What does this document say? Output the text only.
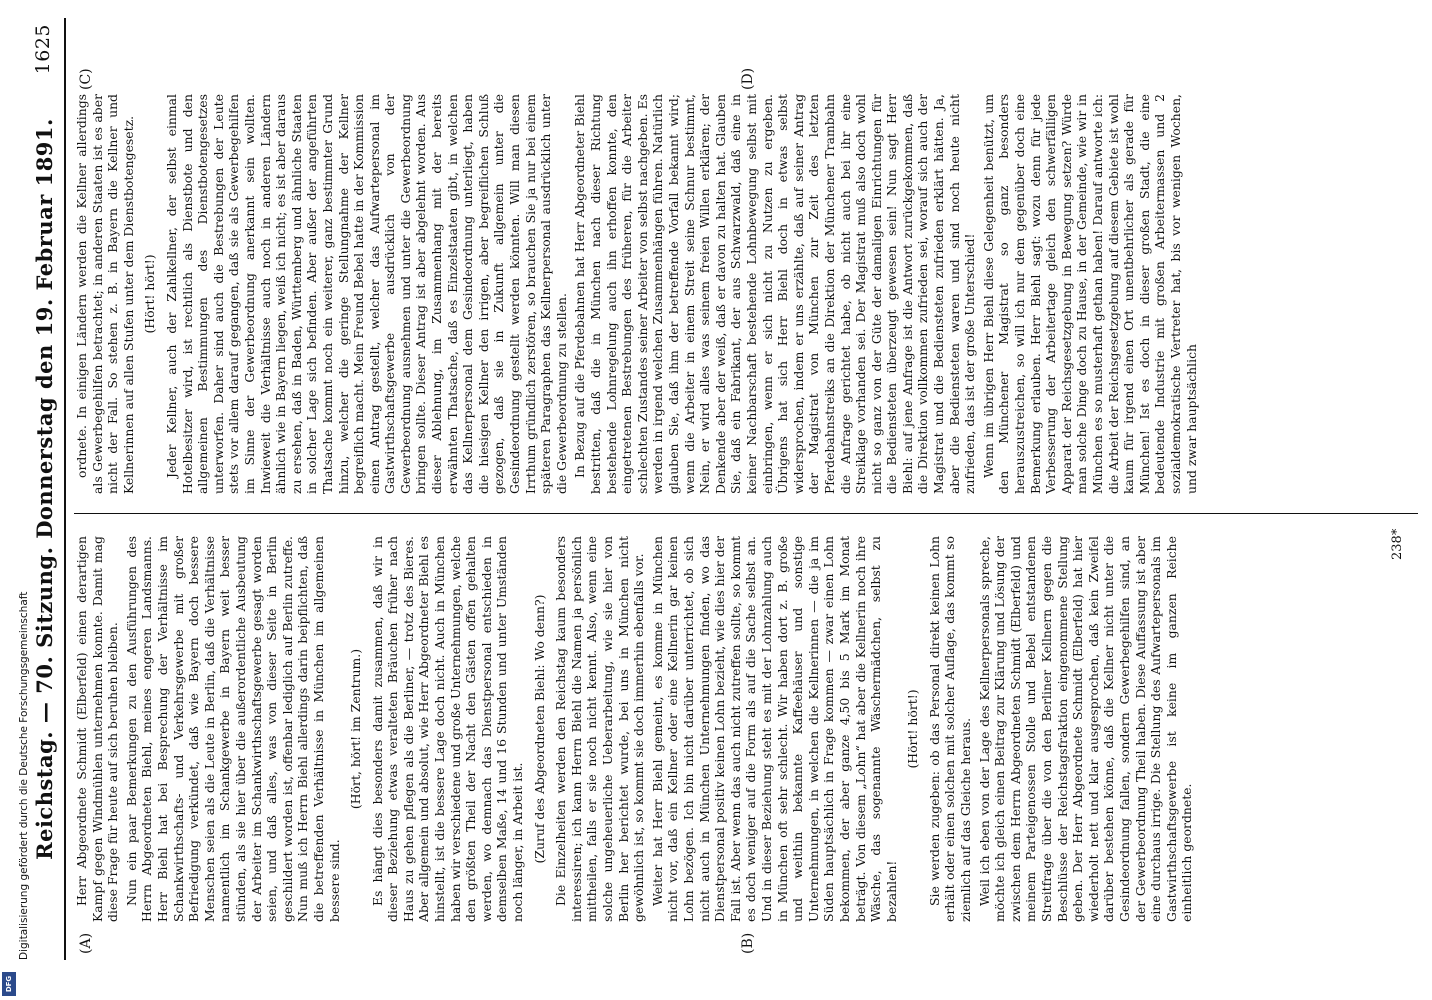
Reichstag. — 70. Sitzung. Donnerstag den 19. Februar 1891.
1625
(A)	(B)
(C)	(D)

Herr Abgeordnete Schmidt (Elberfeld) einen derartigen Kampf gegen Windmühlen unternehmen konnte. Damit mag diese Frage für heute auf sich beruhen bleiben. Nun ein paar Bemerkungen zu den Ausführungen des Herrn Abgeordneten Biehl, meines engeren Landsmanns. Herr Biehl hat bei Besprechung der Verhältnisse im Schankwirthschafts- und Verkehrsgewerbe mit großer Befriedigung verkündet, daß wie Bayern doch bessere Menschen seien als die Leute in Berlin, daß die Verhältnisse namentlich im Schankgewerbe in Bayern weit besser stünden, als sie hier über die außerordentliche Ausbeutung der Arbeiter im Schankwirthschaftsgewerbe gesagt worden seien, und daß alles, was von dieser Seite in Berlin geschildert worden ist, offenbar lediglich auf Berlin zutreffe. Nun muß ich Herrn Biehl allerdings darin beipflichten, daß die betreffenden Verhältnisse in München im allgemeinen bessere sind.

(Hört, hört! im Zentrum.) Es hängt dies besonders damit zusammen, daß wir in dieser Beziehung etwas veralteten Bräuchen früher nach Haus zu gehen pflegen als die Berliner, — trotz des Bieres. Aber allgemein und absolut, wie Herr Abgeordneter Biehl es hinstellt, ist die bessere Lage doch nicht. Auch in München haben wir verschiedene und große Unternehmungen, welche den größten Theil der Nacht den Gästen offen gehalten werden, wo demnach das Dienstpersonal entschieden in demselben Maße, 14 und 16 Stunden und unter Umständen noch länger, in Arbeit ist. (Zuruf des Abgeordneten Biehl: Wo denn?) Die Einzelheiten werden den Reichstag kaum besonders interessiren; ich kann Herrn Biehl die Namen ja persönlich mittheilen, falls er sie noch nicht kennt. Also, wenn eine solche ungeheuerliche Ueberarbeitung, wie sie hier von Berlin her berichtet wurde, bei uns in München nicht gewöhnlich ist, so kommt sie doch immerhin ebenfalls vor. Weiter hat Herr Biehl gemeint, es komme in München nicht vor, daß ein Kellner oder eine Kellnerin gar keinen Lohn bezögen. Ich bin nicht darüber unterrichtet, ob sich nicht auch in München Unternehmungen finden, wo das Dienstpersonal positiv keinen Lohn bezieht, wie dies hier der Fall ist. Aber wenn das auch nicht zutreffen sollte, so kommt es doch weniger auf die Form als auf die Sache selbst an. Und in dieser Beziehung steht es mit der Lohnzahlung auch in München oft sehr schlecht. Wir haben dort z. B. große und weithin bekannte Kaffeehäuser und sonstige Unternehmungen, in welchen die Kellnerinnen — die ja im Süden hauptsächlich in Frage kommen — zwar einen Lohn bekommen, der aber ganze 4,50 bis 5 Mark im Monat beträgt. Von diesem „Lohn“ hat aber die Kellnerin noch ihre Wäsche, das sogenannte Wäschermädchen, selbst zu bezahlen!

(Hört! hört!) Sie werden zugeben: ob das Personal direkt keinen Lohn erhält oder einen solchen mit solcher Auflage, das kommt so ziemlich auf das Gleiche heraus. Weil ich eben von der Lage des Kellnerpersonals spreche, möchte ich gleich einen Beitrag zur Klärung und Lösung der zwischen dem Herrn Abgeordneten Schmidt (Elberfeld) und meinem Parteigenossen Stolle und Bebel entstandenen Streitfrage über die von den Berliner Kellnern gegen die Beschlüsse der Reichstagsfraktion eingenommene Stellung geben. Der Herr Abgeordnete Schmidt (Elberfeld) hat hier wiederholt nett und klar ausgesprochen, daß kein Zweifel darüber bestehen könne, daß die Kellner nicht unter die Gesindeordnung fallen, sondern Gewerbegehilfen sind, an der Gewerbeordnung Theil haben. Diese Auffassung ist aber eine durchaus irrige. Die Stellung des Aufwartepersonals im Gastwirthschaftsgewerbe ist keine im ganzen Reiche einheitlich geordnete.

ordnete. In einigen Ländern werden die Kellner allerdings als Gewerbegehilfen betrachtet; in anderen Staaten ist es aber nicht der Fall. So stehen z. B. in Bayern die Kellner und Kellnerinnen auf allen Stufen unter dem Dienstbotengesetz. (Hört! hört!) Jeder Kellner, auch der Zahlkellner, der selbst einmal Hotelbesitzer wird, ist rechtlich als Dienstbote und den allgemeinen Bestimmungen des Dienstbotengesetzes unterworfen. Daher sind auch die Bestrebungen der Leute stets vor allem darauf gegangen, daß sie als Gewerbegehilfen im Sinne der Gewerbeordnung anerkannt sein wollten. Inwieweit die Verhältnisse auch noch in anderen Ländern ähnlich wie in Bayern liegen, weiß ich nicht; es ist aber daraus zu ersehen, daß in Baden, Württemberg und ähnliche Staaten in solcher Lage sich befinden. Aber außer der angeführten Thatsache kommt noch ein weiterer, ganz bestimmter Grund hinzu, welcher die geringe Stellungnahme der Kellner begreiflich macht. Mein Freund Bebel hatte in der Kommission einen Antrag gestellt, welcher das Aufwartepersonal im Gastwirthschaftsgewerbe ausdrücklich von der Gewerbeordnung ausnehmen und unter die Gewerbeordnung bringen sollte. Dieser Antrag ist aber abgelehnt worden. Aus dieser Ablehnung, im Zusammenhang mit der bereits erwähnten Thatsache, daß es Einzelstaaten gibt, in welchen das Kellnerpersonal dem Gesindeordnung unterliegt, haben die hiesigen Kellner den irrigen, aber begreiflichen Schluß gezogen, daß sie in Zukunft allgemein unter die Gesindeordnung gestellt werden könnten. Will man diesen Irrthum gründlich zerstören, so brauchen Sie ja nur bei einem späteren Paragraphen das Kellnerpersonal ausdrücklich unter die Gewerbeordnung zu stellen. In Bezug auf die Pferdebahnen hat Herr Abgeordneter Biehl bestritten, daß die in München nach dieser Richtung bestehende Lohnregelung auch ihn erhoffen konnte, den eingetretenen Bestrebungen des früheren, für die Arbeiter schlechten Zustandes seiner Arbeiter von selbst nachgeben. Es werden in irgend welchen Zusammenhängen führen. Natürlich glauben Sie, daß ihm der betreffende Vorfall bekannt wird; wenn die Arbeiter in einem Streit seine Schnur bestimmt, Nein, er wird alles was seinem freien Willen erklären; der Denkende aber der weiß, daß er davon zu halten hat. Glauben Sie, daß ein Fabrikant, der aus Schwarzwald, daß eine in keiner Nachbarschaft bestehende Lohnbewegung selbst mit einbringen, wenn er sich nicht zu Nutzen zu ergeben. Übrigens hat sich Herr Biehl doch in etwas selbst widersprochen, indem er uns erzählte, daß auf seiner Antrag der Magistrat von München zur Zeit des letzten Pferdebahnstreiks an die Direktion der Münchener Trambahn die Anfrage gerichtet habe, ob nicht auch bei ihr eine Streiklage vorhanden sei. Der Magistrat muß also doch wohl nicht so ganz von der Güte der damaligen Einrichtungen für die Bediensteten überzeugt gewesen sein! Nun sagt Herr Biehl: auf jene Anfrage ist die Antwort zurückgekommen, daß die Direktion vollkommen zufrieden sei, worauf sich auch der Magistrat und die Bediensteten zufrieden erklärt hätten. Ja, aber die Bediensteten waren und sind noch heute nicht zufrieden, das ist der große Unterschied! Wenn im übrigen Herr Biehl diese Gelegenheit benützt, um den Münchener Magistrat so ganz besonders herauszustreichen, so will ich nur dem gegenüber doch eine Bemerkung erlauben. Herr Biehl sagt: wozu denn für jede Verbesserung der Arbeitertage gleich den schwerfälligen Apparat der Reichsgesetzgebung in Bewegung setzen? Würde man solche Dinge doch zu Hause, in der Gemeinde, wie wir in München es so musterhaft gethan haben! Darauf antworte ich: die Arbeit der Reichsgesetzgebung auf diesem Gebiete ist wohl kaum für irgend einen Ort unentbehrlicher als gerade für München! Ist es doch in dieser großen Stadt, die eine bedeutende Industrie mit großen Arbeitermassen und 2 sozialdemokratische Vertreter hat, bis vor wenigen Wochen, und zwar hauptsächlich

238*
Digitalisierung gefördert durch die Deutsche Forschungsgemeinschaft
DFG
